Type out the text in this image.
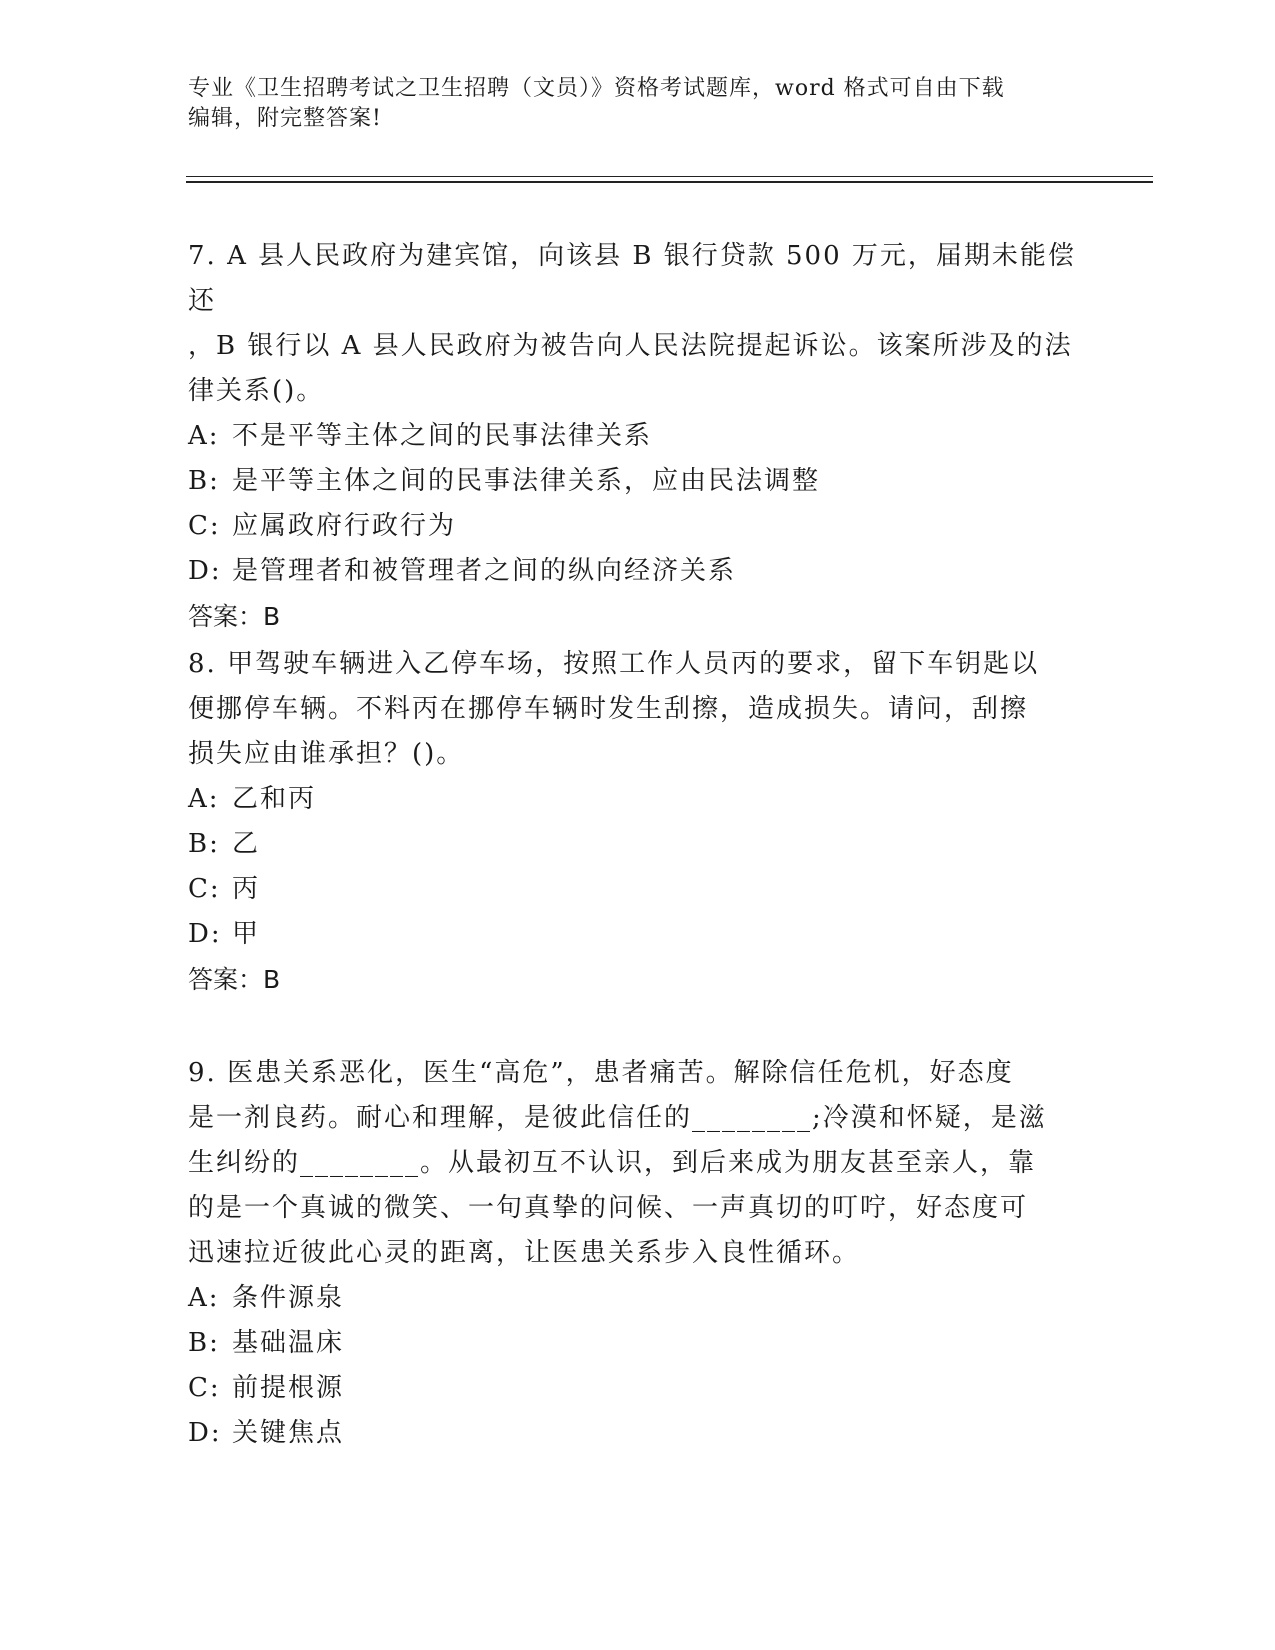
专业《卫生招聘考试之卫生招聘（文员）》资格考试题库，word 格式可自由下载
编辑，附完整答案!

7. A 县人民政府为建宾馆，向该县 B 银行贷款 500 万元，届期未能偿还

，B 银行以 A 县人民政府为被告向人民法院提起诉讼。该案所涉及的法

律关系()。

A: 不是平等主体之间的民事法律关系

B: 是平等主体之间的民事法律关系，应由民法调整

C: 应属政府行政行为

D: 是管理者和被管理者之间的纵向经济关系

答案：B

8. 甲驾驶车辆进入乙停车场，按照工作人员丙的要求，留下车钥匙以

便挪停车辆。不料丙在挪停车辆时发生刮擦，造成损失。请问，刮擦

损失应由谁承担？()。

A: 乙和丙

B: 乙

C: 丙

D: 甲

答案：B

9. 医患关系恶化，医生“高危”，患者痛苦。解除信任危机，好态度

是一剂良药。耐心和理解，是彼此信任的________;冷漠和怀疑，是滋

生纠纷的________。从最初互不认识，到后来成为朋友甚至亲人，靠

的是一个真诚的微笑、一句真挚的问候、一声真切的叮咛，好态度可

迅速拉近彼此心灵的距离，让医患关系步入良性循环。

A: 条件源泉

B: 基础温床

C: 前提根源

D: 关键焦点
